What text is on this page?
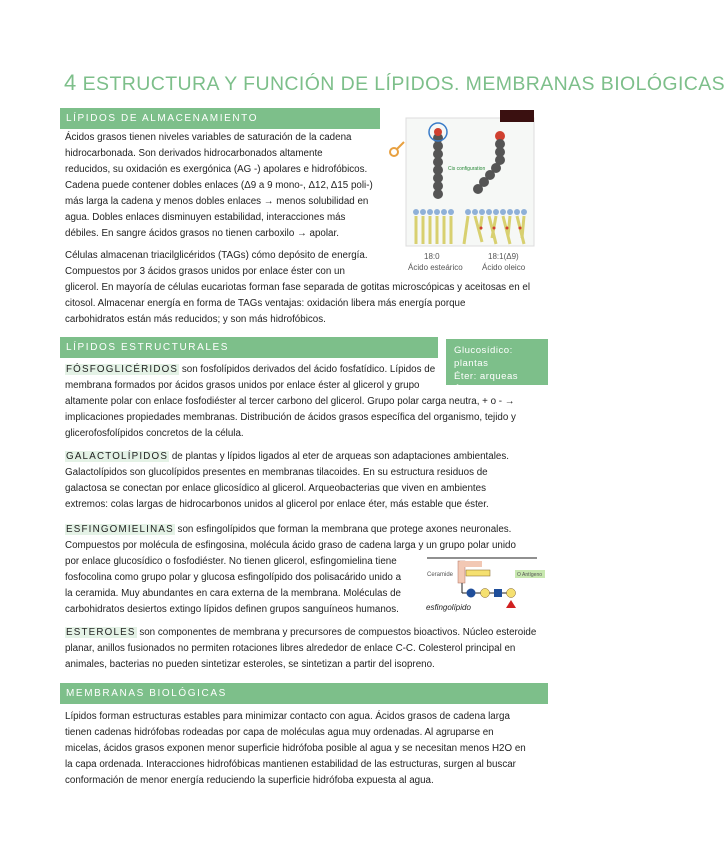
4 ESTRUCTURA Y FUNCIÓN DE LÍPIDOS. MEMBRANAS BIOLÓGICAS
LÍPIDOS DE ALMACENAMIENTO
LÍPIDOS ESTRUCTURALES
MEMBRANAS BIOLÓGICAS
Glucosídico: plantas
Éter: arqueas
Éster: animal
Ácidos grasos tienen niveles variables de saturación de la cadena
hidrocarbonada. Son derivados hidrocarbonados altamente
reducidos, su oxidación es exergónica (AG -) apolares e hidrofóbicos.
Cadena puede contener dobles enlaces (Δ9 a 9 mono-, Δ12, Δ15 poli-)
más larga la cadena y menos dobles enlaces → menos solubilidad en
agua. Dobles enlaces disminuyen estabilidad, interacciones más
débiles. En sangre ácidos grasos no tienen carboxilo → apolar.
Células almacenan triacilglicéridos (TAGs) cómo depósito de energía.
Compuestos por 3 ácidos grasos unidos por enlace éster con un
glicerol. En mayoría de células eucariotas forman fase separada de gotitas microscópicas y aceitosas en el
citosol. Almacenar energía en forma de TAGs ventajas: oxidación libera más energía porque
carbohidratos están más reducidos; y son más hidrofóbicos.
FÓSFOGLICÉRIDOS son fosfolípidos derivados del ácido fosfatídico. Lípidos de
membrana formados por ácidos grasos unidos por enlace éster al glicerol y grupo
altamente polar con enlace fosfodiéster al tercer carbono del glicerol. Grupo polar carga neutra, + o - →
implicaciones propiedades membranas. Distribución de ácidos grasos específica del organismo, tejido y
glicerofosfolípidos concretos de la célula.
GALACTOLÍPIDOS de plantas y lípidos ligados al eter de arqueas son adaptaciones ambientales.
Galactolípidos son glucolípidos presentes en membranas tilacoides. En su estructura residuos de
galactosa se conectan por enlace glicosídico al glicerol. Arqueobacterias que viven en ambientes
extremos: colas largas de hidrocarbonos unidos al glicerol por enlace éter, más estable que éster.
ESFINGOMIELINAS son esfingolípidos que forman la membrana que protege axones neuronales.
Compuestos por molécula de esfingosina, molécula ácido graso de cadena larga y un grupo polar unido
por enlace glucosídico o fosfodiéster. No tienen glicerol, esfingomielina tiene
fosfocolina como grupo polar y glucosa esfingolípido dos polisacárido unido a
la ceramida. Muy abundantes en cara externa de la membrana. Moléculas de
carbohidratos desiertos extingo lípidos definen grupos sanguíneos humanos.
ESTEROLES son componentes de membrana y precursores de compuestos bioactivos. Núcleo esteroide
planar, anillos fusionados no permiten rotaciones libres alrededor de enlace C-C. Colesterol principal en
animales, bacterias no pueden sintetizar esteroles, se sintetizan a partir del isopreno.
Lípidos forman estructuras estables para minimizar contacto con agua. Ácidos grasos de cadena larga
tienen cadenas hidrófobas rodeadas por capa de moléculas agua muy ordenadas. Al agruparse en
micelas, ácidos grasos exponen menor superficie hidrófoba posible al agua y se necesitan menos H2O en
la capa ordenada. Interacciones hidrofóbicas mantienen estabilidad de las estructuras, surgen al buscar
conformación de menor energía reduciendo la superficie hidrófoba expuesta al agua.
Cis configuration
18:0
Ácido esteárico
18:1(Δ9)
Ácido oleico
Ceramide	O Antígeno
esfingolípido
